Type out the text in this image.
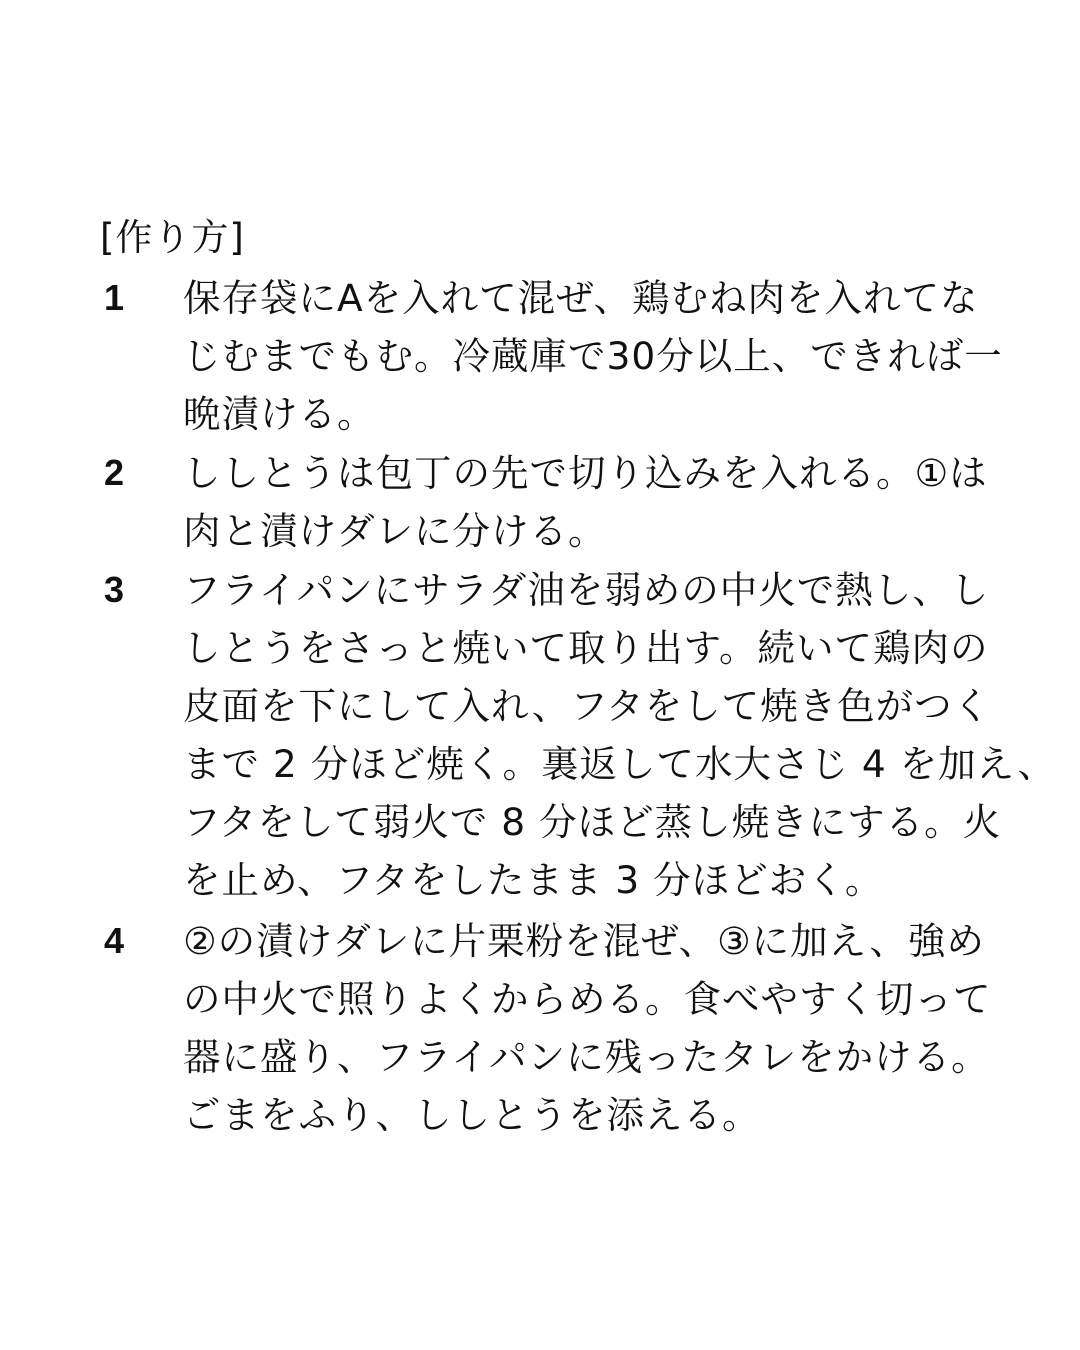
[作り方]
1	保存袋にAを入れて混ぜ、鶏むね肉を入れてな
じむまでもむ。冷蔵庫で30分以上、できれば一
晩漬ける。
2	ししとうは包丁の先で切り込みを入れる。①は
肉と漬けダレに分ける。
3	フライパンにサラダ油を弱めの中火で熱し、し
しとうをさっと焼いて取り出す。続いて鶏肉の
皮面を下にして入れ、フタをして焼き色がつく
まで 2 分ほど焼く。裏返して水大さじ 4 を加え、
フタをして弱火で 8 分ほど蒸し焼きにする。火
を止め、フタをしたまま 3 分ほどおく。
4	②の漬けダレに片栗粉を混ぜ、③に加え、強め
の中火で照りよくからめる。食べやすく切って
器に盛り、フライパンに残ったタレをかける。
ごまをふり、ししとうを添える。
